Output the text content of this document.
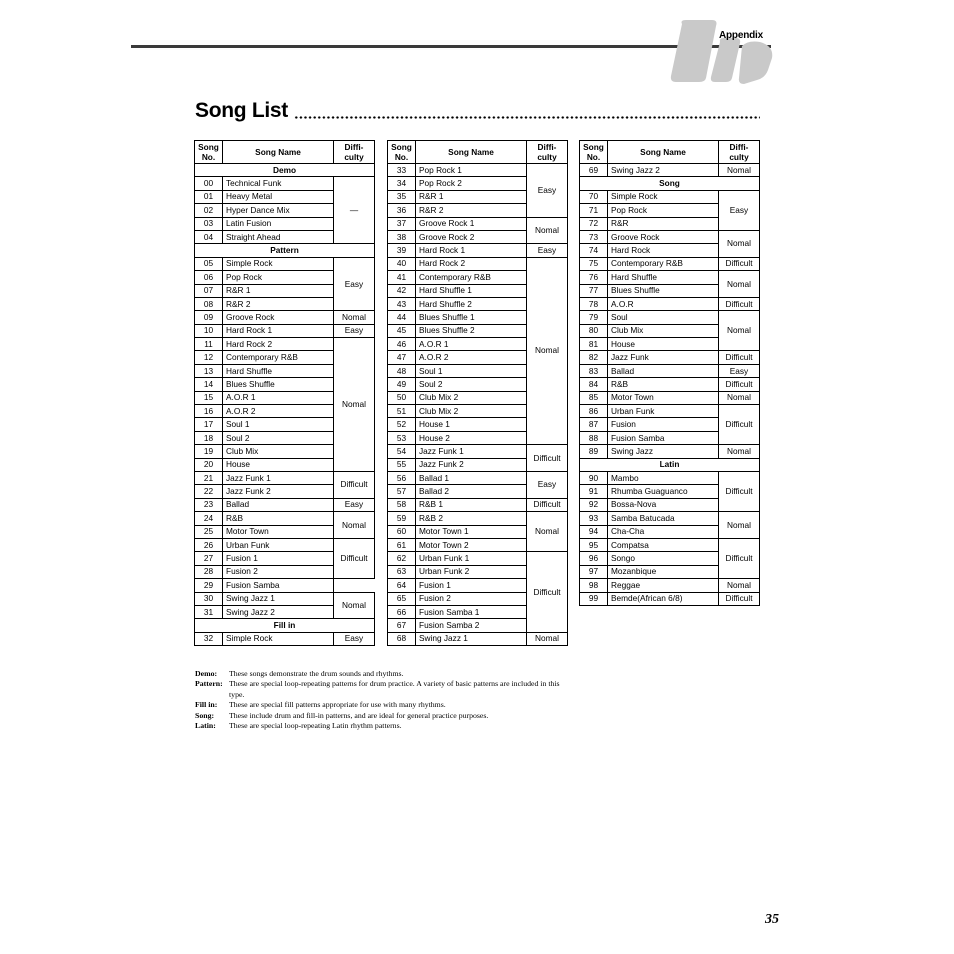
Appendix
Song List
Song No.	Song Name	Diffi-culty
Demo		
00	Technical Funk	—
01	Heavy Metal	
02	Hyper Dance Mix	
03	Latin Fusion	
04	Straight Ahead	
Pattern		
05	Simple Rock	Easy
06	Pop Rock	
07	R&R 1	
08	R&R 2	
09	Groove Rock	Nomal
10	Hard Rock 1	Easy
11	Hard Rock 2	Nomal
12	Contemporary R&B	
13	Hard Shuffle	
14	Blues Shuffle	
15	A.O.R 1	
16	A.O.R 2	
17	Soul 1	
18	Soul 2	
19	Club Mix	
20	House	
21	Jazz Funk 1	Difficult
22	Jazz Funk 2	
23	Ballad	Easy
24	R&B	Nomal
25	Motor Town	
26	Urban Funk	Difficult
27	Fusion 1	
28	Fusion 2	
29	Fusion Samba	
30	Swing Jazz 1	Nomal
31	Swing Jazz 2	
Fill in		
32	Simple Rock	Easy
Song No.	Song Name	Diffi-culty
33	Pop Rock 1	Easy
34	Pop Rock 2	
35	R&R 1	
36	R&R 2	
37	Groove Rock 1	Nomal
38	Groove Rock 2	
39	Hard Rock 1	Easy
40	Hard Rock 2	Nomal
41	Contemporary R&B	
42	Hard Shuffle 1	
43	Hard Shuffle 2	
44	Blues Shuffle 1	
45	Blues Shuffle 2	
46	A.O.R 1	
47	A.O.R 2	
48	Soul 1	
49	Soul 2	
50	Club Mix 2	
51	Club Mix 2	
52	House 1	
53	House 2	
54	Jazz Funk 1	Difficult
55	Jazz Funk 2	
56	Ballad 1	Easy
57	Ballad 2	
58	R&B 1	Difficult
59	R&B 2	Nomal
60	Motor Town 1	
61	Motor Town 2	
62	Urban Funk 1	Difficult
63	Urban Funk 2	
64	Fusion 1	
65	Fusion 2	
66	Fusion Samba 1	
67	Fusion Samba 2	
68	Swing Jazz 1	Nomal
Song No.	Song Name	Diffi-culty
69	Swing Jazz 2	Nomal
Song		
70	Simple Rock	Easy
71	Pop Rock	
72	R&R	
73	Groove Rock	Nomal
74	Hard Rock	
75	Contemporary R&B	Difficult
76	Hard Shuffle	Nomal
77	Blues Shuffle	
78	A.O.R	Difficult
79	Soul	Nomal
80	Club Mix	
81	House	
82	Jazz Funk	Difficult
83	Ballad	Easy
84	R&B	Difficult
85	Motor Town	Nomal
86	Urban Funk	Difficult
87	Fusion	
88	Fusion Samba	
89	Swing Jazz	Nomal
Latin		
90	Mambo	Difficult
91	Rhumba Guaguanco	
92	Bossa-Nova	
93	Samba Batucada	Nomal
94	Cha-Cha	
95	Compatsa	Difficult
96	Songo	
97	Mozanbique	
98	Reggae	Nomal
99	Bemde(African 6/8)	Difficult
Demo:	These songs demonstrate the drum sounds and rhythms.
Pattern: These are special loop-repeating patterns for drum practice. A variety of basic patterns are included in this type.
Fill in:	These are special fill patterns appropriate for use with many rhythms.
Song:	These include drum and fill-in patterns, and are ideal for general practice purposes.
Latin:	These are special loop-repeating Latin rhythm patterns.
35
